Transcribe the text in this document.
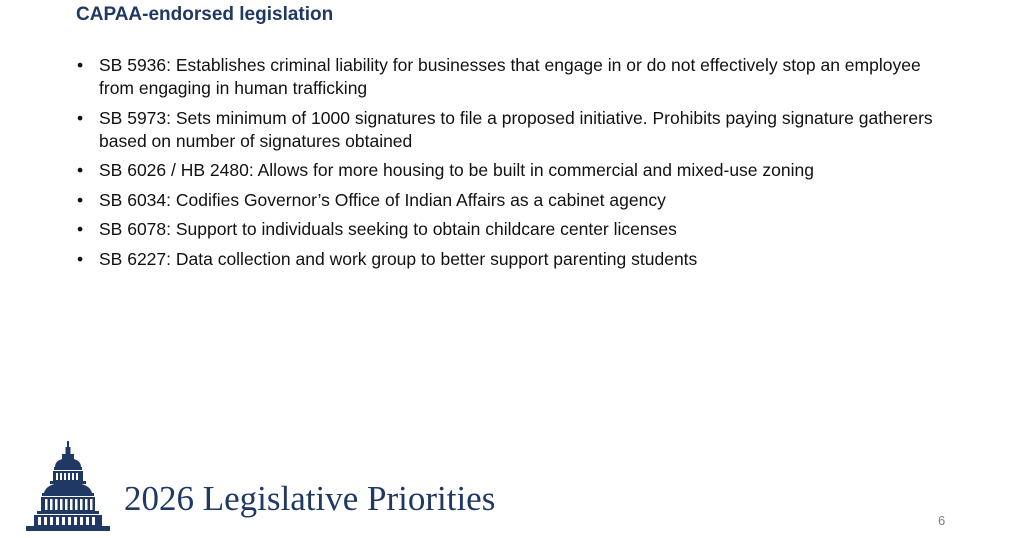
CAPAA-endorsed legislation
• SB 5936: Establishes criminal liability for businesses that engage in or do not effectively stop an employee from engaging in human trafficking
• SB 5973: Sets minimum of 1000 signatures to file a proposed initiative. Prohibits paying signature gatherers based on number of signatures obtained
• SB 6026 / HB 2480: Allows for more housing to be built in commercial and mixed-use zoning
• SB 6034: Codifies Governor’s Office of Indian Affairs as a cabinet agency
• SB 6078: Support to individuals seeking to obtain childcare center licenses
• SB 6227: Data collection and work group to better support parenting students
2026 Legislative Priorities
6
